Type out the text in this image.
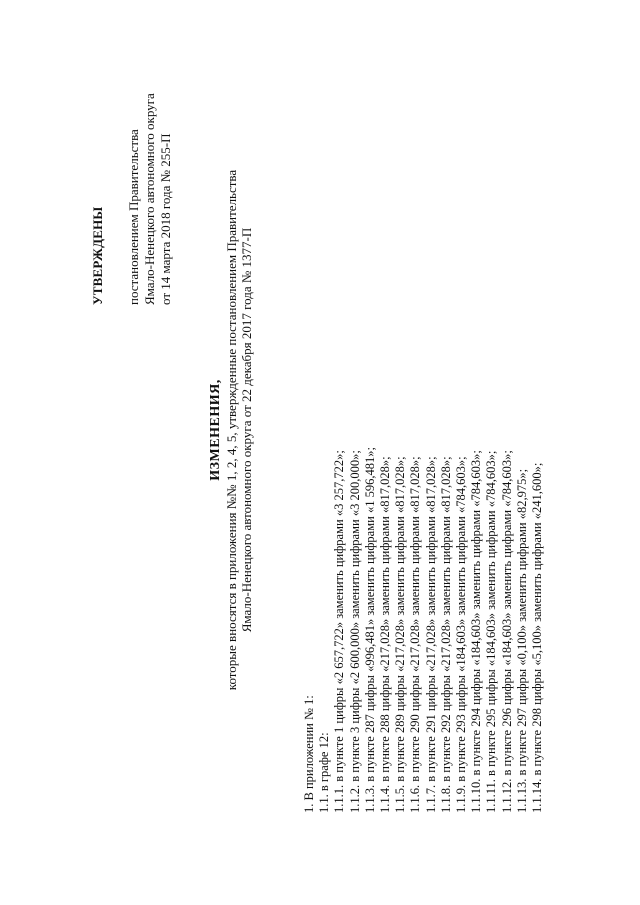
УТВЕРЖДЕНЫ постановлением Правительства Ямало-Ненецкого автономного округа от 14 марта 2018 года № 255-П
ИЗМЕНЕНИЯ, которые вносятся в приложения №№ 1, 2, 4, 5, утвержденные постановлением Правительства Ямало-Ненецкого автономного округа от 22 декабря 2017 года № 1377-П
1. В приложении № 1: 1.1. в графе 12: 1.1.1. в пункте 1 цифры «2 657,722» заменить цифрами «3 257,722»; 1.1.2. в пункте 3 цифры «2 600,000» заменить цифрами «3 200,000»; 1.1.3. в пункте 287 цифры «996,481» заменить цифрами «1 596,481»; 1.1.4. в пункте 288 цифры «217,028» заменить цифрами «817,028»; 1.1.5. в пункте 289 цифры «217,028» заменить цифрами «817,028»; 1.1.6. в пункте 290 цифры «217,028» заменить цифрами «817,028»; 1.1.7. в пункте 291 цифры «217,028» заменить цифрами «817,028»; 1.1.8. в пункте 292 цифры «217,028» заменить цифрами «817,028»; 1.1.9. в пункте 293 цифры «184,603» заменить цифрами «784,603»; 1.1.10. в пункте 294 цифры «184,603» заменить цифрами «784,603»; 1.1.11. в пункте 295 цифры «184,603» заменить цифрами «784,603»; 1.1.12. в пункте 296 цифры «184,603» заменить цифрами «784,603»; 1.1.13. в пункте 297 цифры «0,100» заменить цифрами «82,975»; 1.1.14. в пункте 298 цифры «5,100» заменить цифрами «241,600»;
